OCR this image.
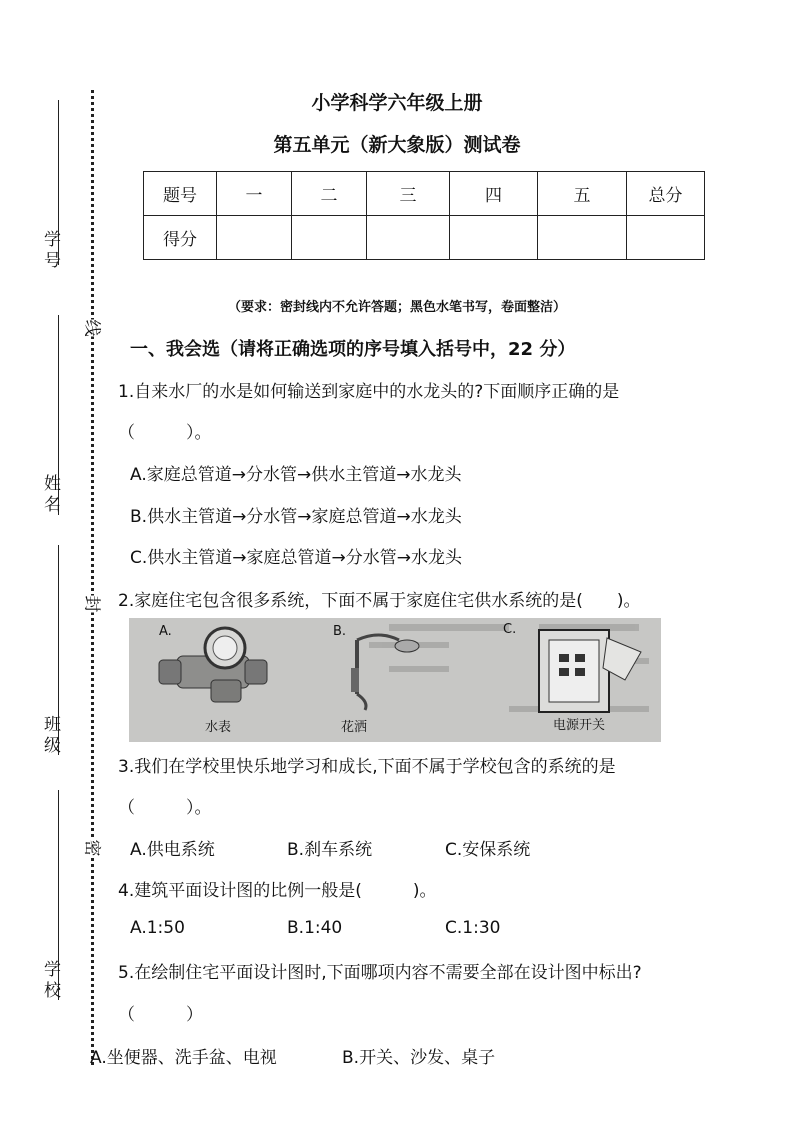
学号
姓名
班级
学校
线
封
密
小学科学六年级上册
第五单元（新大象版）测试卷
题号	一	二	三	四	五	总分
得分						
（要求：密封线内不允许答题；黑色水笔书写，卷面整洁）
一、我会选（请将正确选项的序号填入括号中，22 分）
1.自来水厂的水是如何输送到家庭中的水龙头的?下面顺序正确的是
（　　　）。
A.家庭总管道→分水管→供水主管道→水龙头
B.供水主管道→分水管→家庭总管道→水龙头
C.供水主管道→家庭总管道→分水管→水龙头
2.家庭住宅包含很多系统，下面不属于家庭住宅供水系统的是(　　)。
A.
水表
B.
花洒
C.
电源开关
3.我们在学校里快乐地学习和成长,下面不属于学校包含的系统的是
（　　　）。
A.供电系统	B.刹车系统	C.安保系统
4.建筑平面设计图的比例一般是(　　　)。
A.1:50	B.1:40	C.1:30
5.在绘制住宅平面设计图时,下面哪项内容不需要全部在设计图中标出?
（　　　）
A.坐便器、洗手盆、电视	B.开关、沙发、桌子
